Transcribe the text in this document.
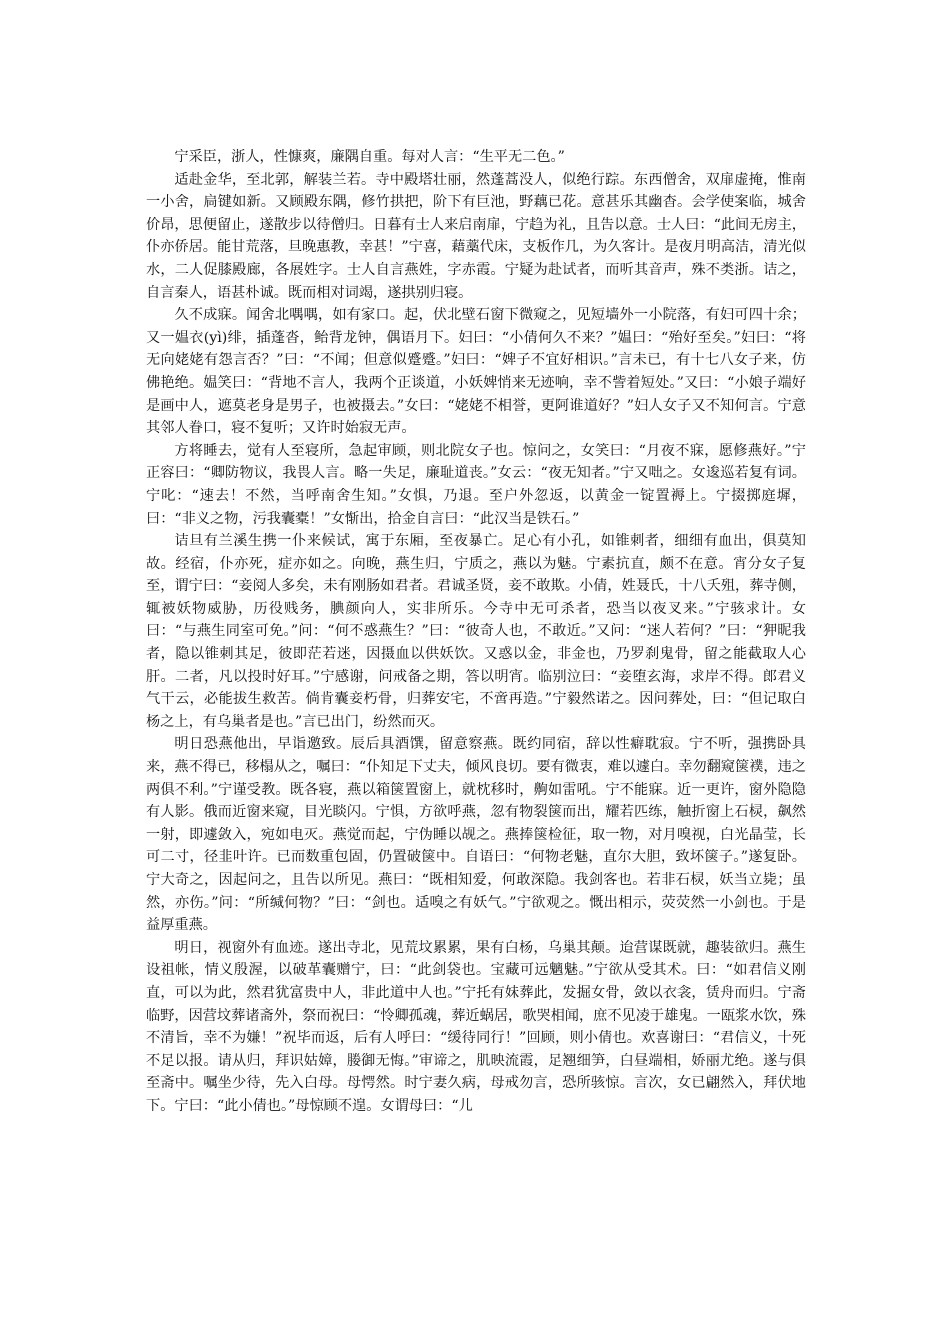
宁采臣，浙人，性慷爽，廉隅自重。每对人言：“生平无二色。”

适赴金华，至北郭，解装兰若。寺中殿塔壮丽，然蓬蒿没人，似绝行踪。东西僧舍，双扉虚掩，惟南一小舍，扃键如新。又顾殿东隅，修竹拱把，阶下有巨池，野藕已花。意甚乐其幽杳。会学使案临，城舍价昂，思便留止，遂散步以待僧归。日暮有士人来启南扉，宁趋为礼，且告以意。士人曰：“此间无房主，仆亦侨居。能甘荒落，旦晚惠教，幸甚！”宁喜，藉藁代床，支板作几，为久客计。是夜月明高洁，清光似水，二人促膝殿廊，各展姓字。士人自言燕姓，字赤霞。宁疑为赴试者，而听其音声，殊不类浙。诘之，自言秦人，语甚朴诚。既而相对词竭，遂拱别归寝。

久不成寐。闻舍北喁喁，如有家口。起，伏北壁石窗下微窥之，见短墙外一小院落，有妇可四十余；又一媪衣(yì)绯，插蓬沓，鲐背龙钟，偶语月下。妇曰：“小倩何久不来？”媪曰：“殆好至矣。”妇曰：“将无向姥姥有怨言否？”曰：“不闻；但意似蹙蹙。”妇曰：“婢子不宜好相识。”言未已，有十七八女子来，仿佛艳绝。媪笑曰：“背地不言人，我两个正谈道，小妖婢悄来无迹响，幸不訾着短处。”又曰：“小娘子端好是画中人，遮莫老身是男子，也被摄去。”女曰：“姥姥不相誉，更阿谁道好？”妇人女子又不知何言。宁意其邻人眷口，寝不复听；又许时始寂无声。

方将睡去，觉有人至寝所，急起审顾，则北院女子也。惊问之，女笑曰：“月夜不寐，愿修燕好。”宁正容曰：“卿防物议，我畏人言。略一失足，廉耻道丧。”女云：“夜无知者。”宁又咄之。女逡巡若复有词。宁叱：“速去！不然，当呼南舍生知。”女惧，乃退。至户外忽返，以黄金一锭置褥上。宁掇掷庭墀，曰：“非义之物，污我囊橐！”女惭出，拾金自言曰：“此汉当是铁石。”

诘旦有兰溪生携一仆来候试，寓于东厢，至夜暴亡。足心有小孔，如锥刺者，细细有血出，俱莫知故。经宿，仆亦死，症亦如之。向晚，燕生归，宁质之，燕以为魅。宁素抗直，颇不在意。宵分女子复至，谓宁曰：“妾阅人多矣，未有刚肠如君者。君诚圣贤，妾不敢欺。小倩，姓聂氏，十八夭殂，葬寺侧，辄被妖物威胁，历役贱务，腆颜向人，实非所乐。今寺中无可杀者，恐当以夜叉来。”宁骇求计。女曰：“与燕生同室可免。”问：“何不惑燕生？”曰：“彼奇人也，不敢近。”又问：“迷人若何？”曰：“狎昵我者，隐以锥刺其足，彼即茫若迷，因摄血以供妖饮。又惑以金，非金也，乃罗刹鬼骨，留之能截取人心肝。二者，凡以投时好耳。”宁感谢，问戒备之期，答以明宵。临别泣曰：“妾堕玄海，求岸不得。郎君义气干云，必能拔生救苦。倘肯囊妾朽骨，归葬安宅，不啻再造。”宁毅然诺之。因问葬处，曰：“但记取白杨之上，有乌巢者是也。”言已出门，纷然而灭。

明日恐燕他出，早诣邀致。辰后具酒馔，留意察燕。既约同宿，辞以性癖耽寂。宁不听，强携卧具来，燕不得已，移榻从之，嘱曰：“仆知足下丈夫，倾风良切。要有微衷，难以遽白。幸勿翻窥箧襆，违之两俱不利。”宁谨受教。既各寝，燕以箱箧置窗上，就枕移时，齁如雷吼。宁不能寐。近一更许，窗外隐隐有人影。俄而近窗来窥，目光睒闪。宁惧，方欲呼燕，忽有物裂箧而出，耀若匹练，触折窗上石棂，飙然一射，即遽敛入，宛如电灭。燕觉而起，宁伪睡以觇之。燕捧箧检征，取一物，对月嗅视，白光晶莹，长可二寸，径韭叶许。已而数重包固，仍置破箧中。自语曰：“何物老魅，直尔大胆，致坏箧子。”遂复卧。宁大奇之，因起问之，且告以所见。燕曰：“既相知爱，何敢深隐。我剑客也。若非石棂，妖当立毙；虽然，亦伤。”问：“所缄何物？”曰：“剑也。适嗅之有妖气。”宁欲观之。慨出相示，荧荧然一小剑也。于是益厚重燕。

明日，视窗外有血迹。遂出寺北，见荒坟累累，果有白杨，乌巢其颠。迨营谋既就，趣装欲归。燕生设祖帐，情义殷渥，以破革囊赠宁，曰：“此剑袋也。宝藏可远魑魅。”宁欲从受其术。曰：“如君信义刚直，可以为此，然君犹富贵中人，非此道中人也。”宁托有妹葬此，发掘女骨，敛以衣衾，赁舟而归。宁斋临野，因营坟葬诸斋外，祭而祝曰：“怜卿孤魂，葬近蜗居，歌哭相闻，庶不见凌于雄鬼。一瓯浆水饮，殊不清旨，幸不为嫌！”祝毕而返，后有人呼曰：“缓待同行！”回顾，则小倩也。欢喜谢曰：“君信义，十死不足以报。请从归，拜识姑嫜，媵御无悔。”审谛之，肌映流霞，足翘细笋，白昼端相，娇丽尤绝。遂与俱至斋中。嘱坐少待，先入白母。母愕然。时宁妻久病，母戒勿言，恐所骇惊。言次，女已翩然入，拜伏地下。宁曰：“此小倩也。”母惊顾不遑。女谓母曰：“儿
